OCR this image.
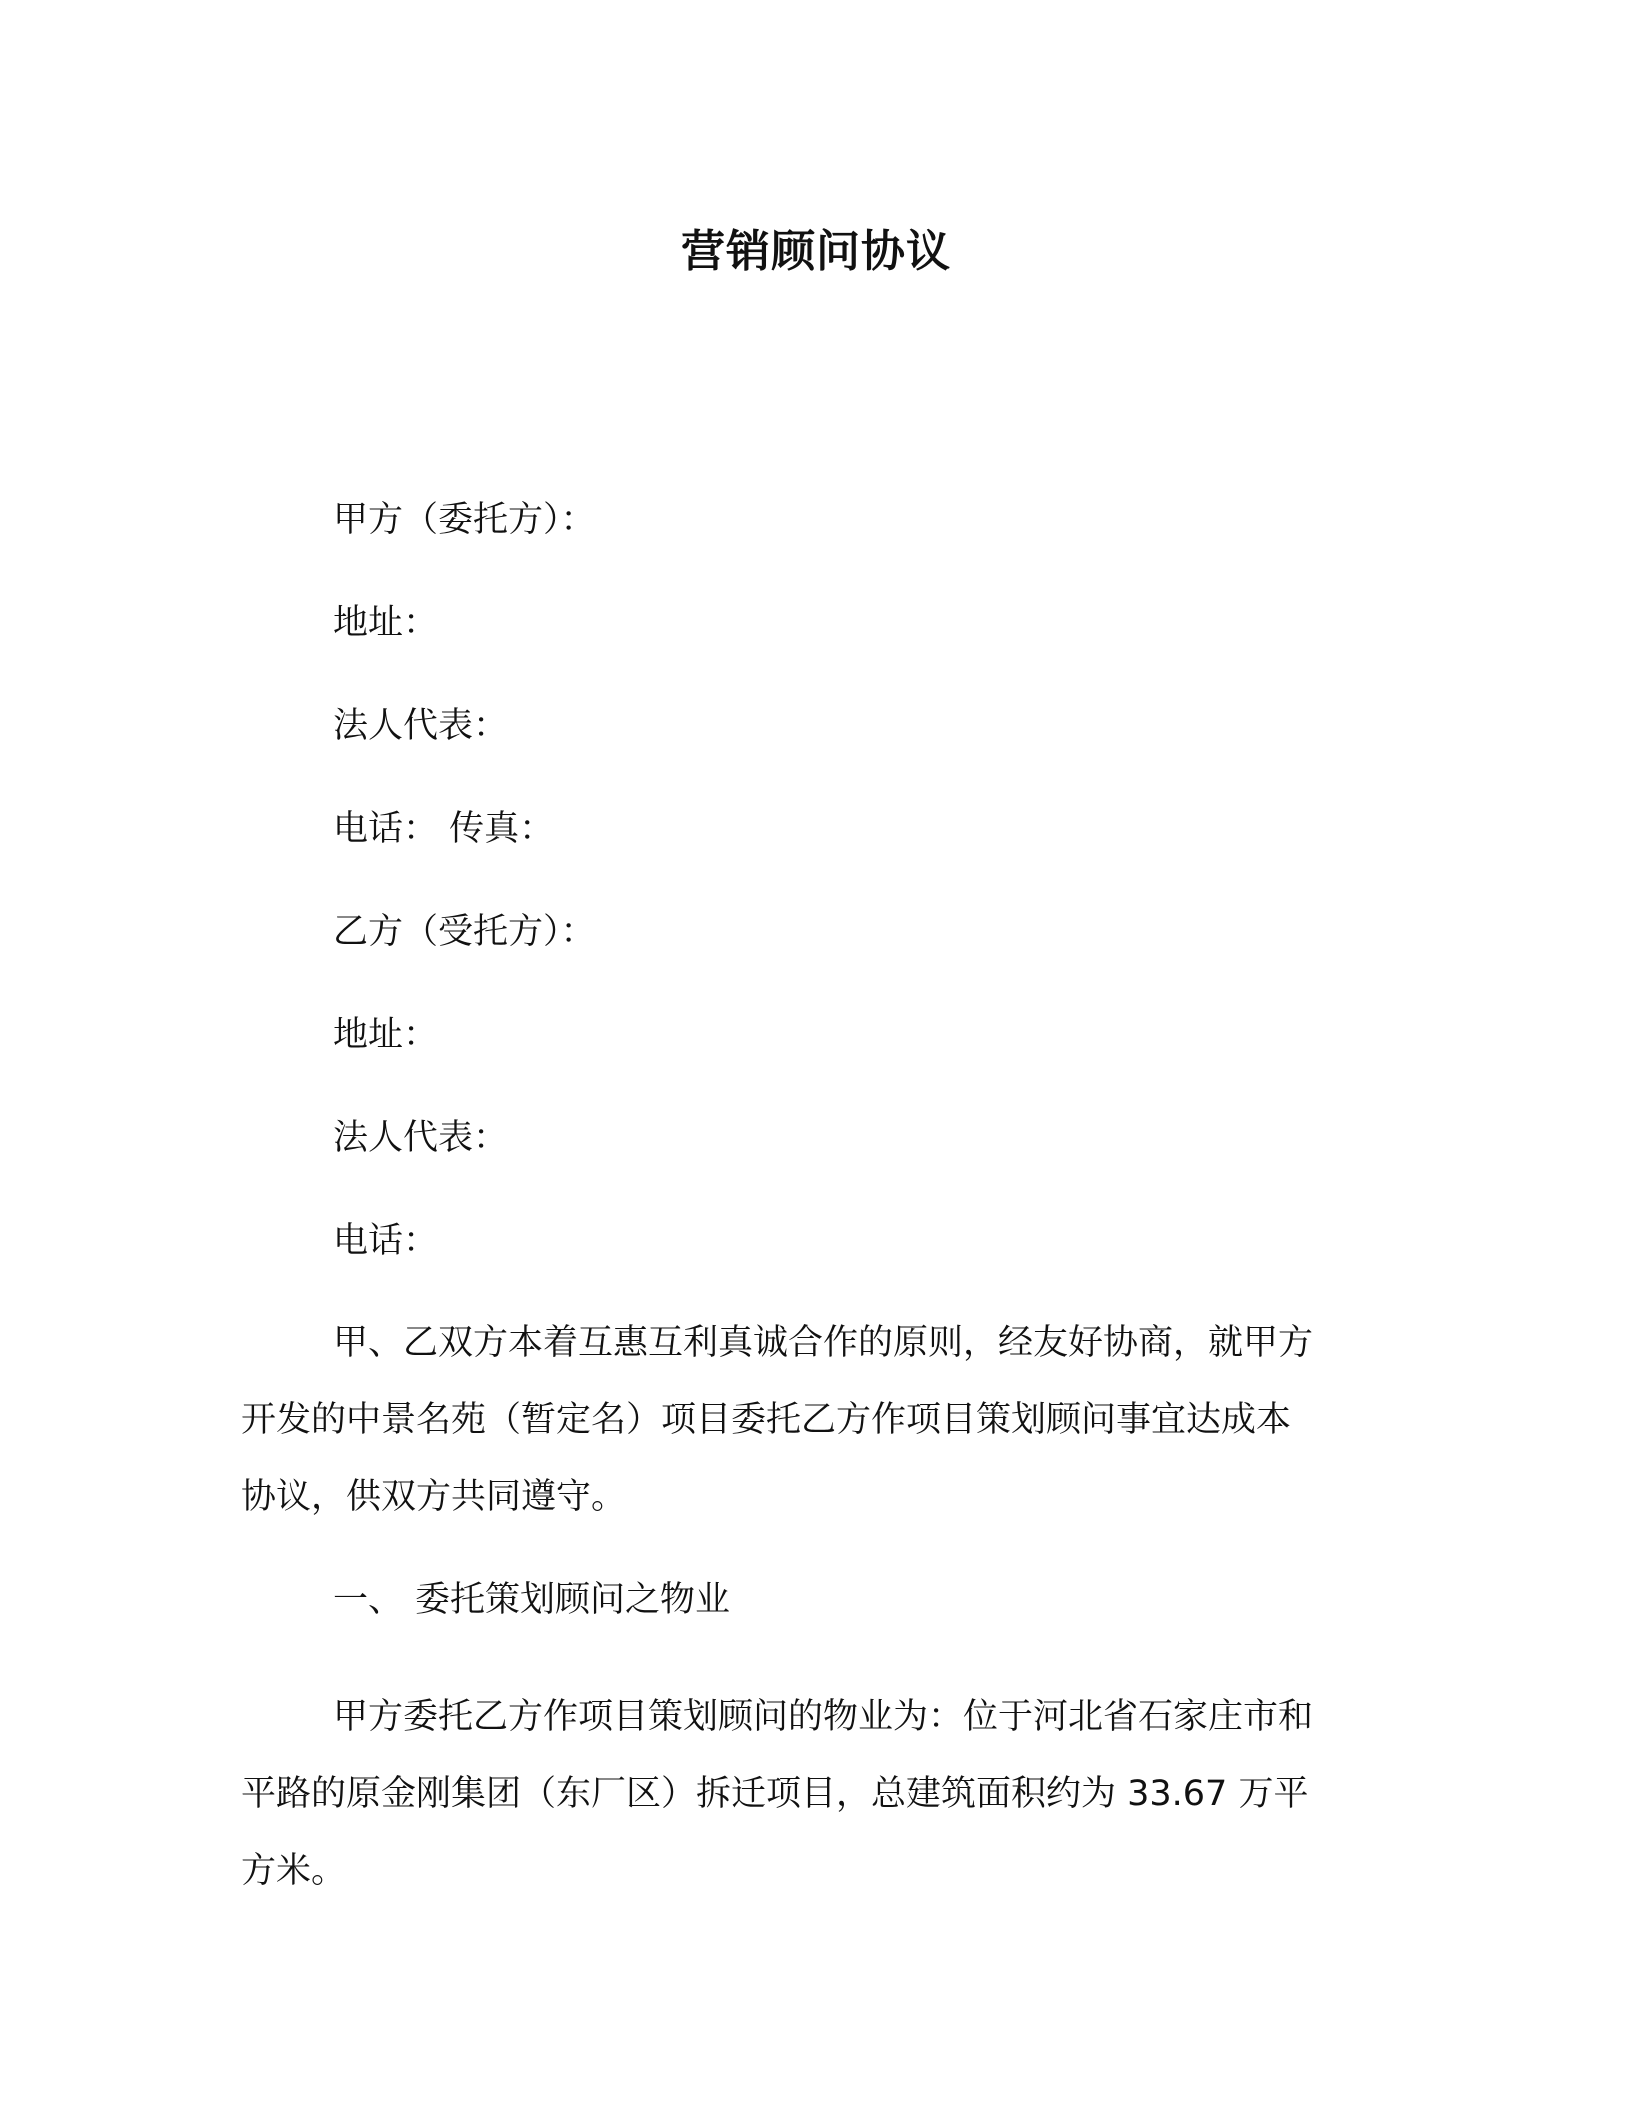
营销顾问协议
甲方（委托方）：
地址：
法人代表：
电话： 传真：
乙方（受托方）：
地址：
法人代表：
电话：
甲、乙双方本着互惠互利真诚合作的原则，经友好协商，就甲方
开发的中景名苑（暂定名）项目委托乙方作项目策划顾问事宜达成本
协议，供双方共同遵守。
一、 委托策划顾问之物业
甲方委托乙方作项目策划顾问的物业为：位于河北省石家庄市和
平路的原金刚集团（东厂区）拆迁项目，总建筑面积约为 33.67 万平
方米。
